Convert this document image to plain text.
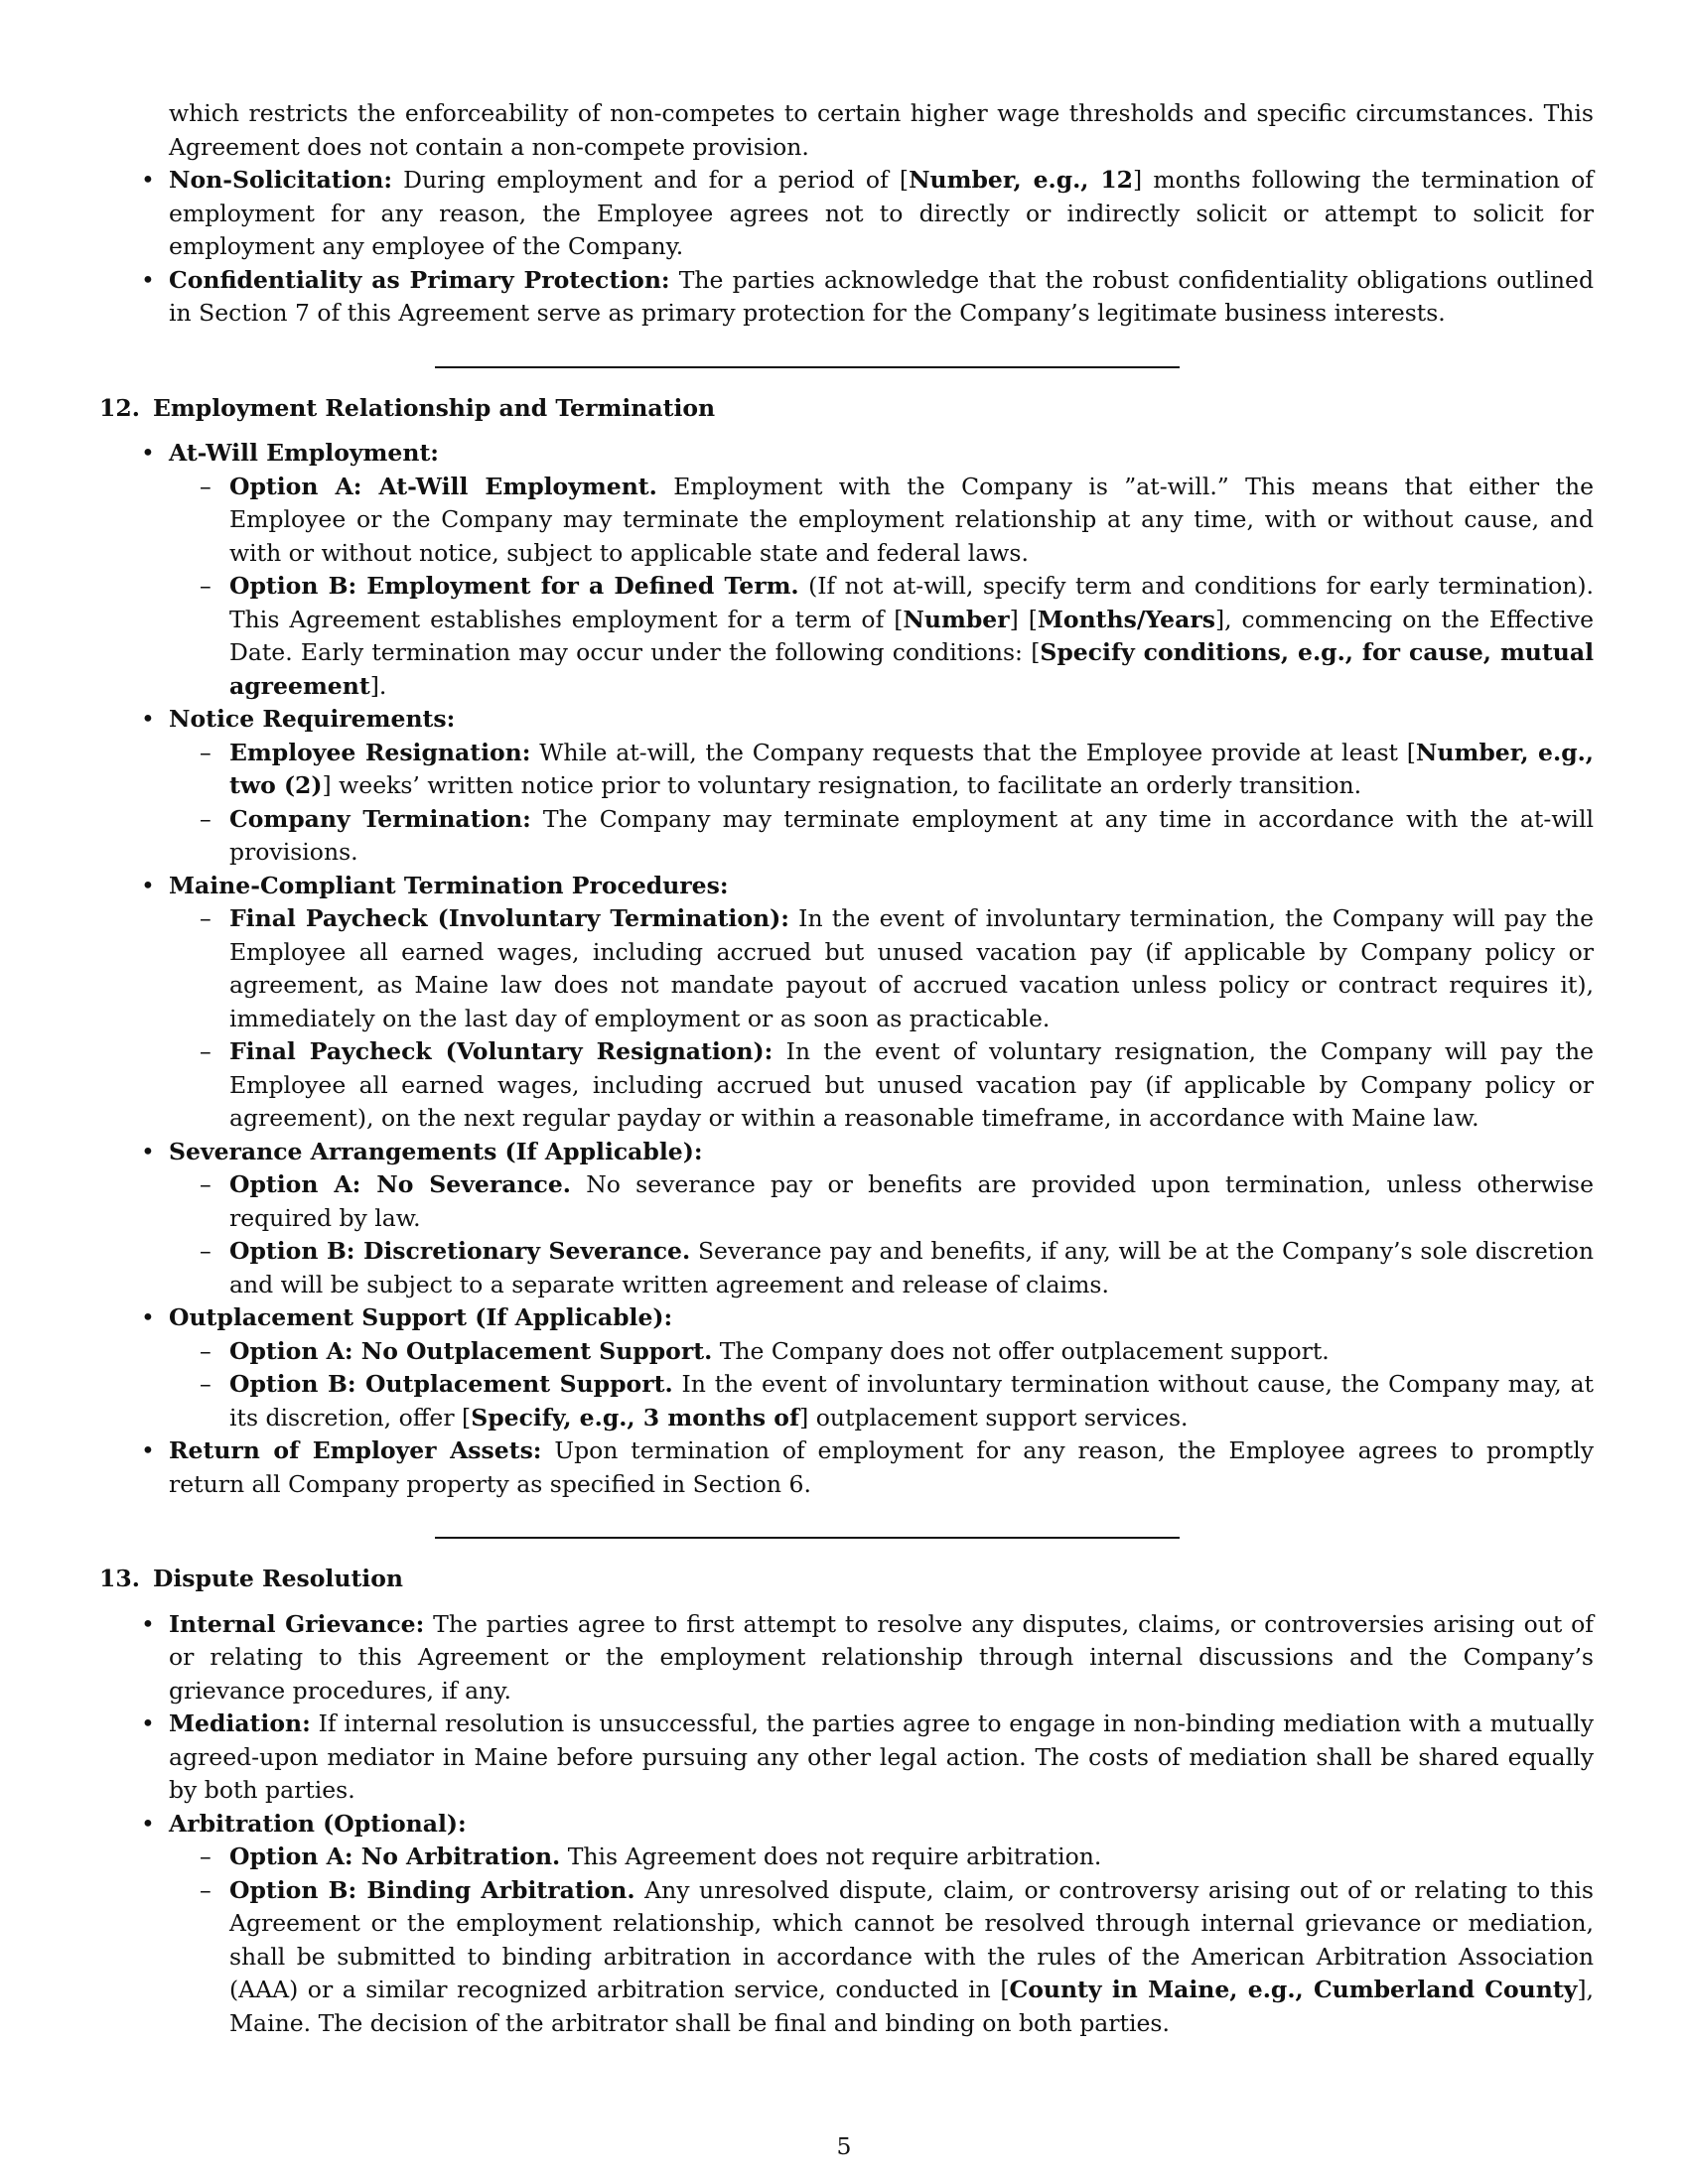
which restricts the enforceability of non-competes to certain higher wage thresholds and specific circumstances. This Agreement does not contain a non-compete provision.

• Non-Solicitation: During employment and for a period of [Number, e.g., 12] months following the termination of employment for any reason, the Employee agrees not to directly or indirectly solicit or attempt to solicit for employment any employee of the Company.
• Confidentiality as Primary Protection: The parties acknowledge that the robust confidentiality obligations outlined in Section 7 of this Agreement serve as primary protection for the Company’s legitimate business interests.
12. Employment Relationship and Termination
• At-Will Employment:
– Option A: At-Will Employment. Employment with the Company is ”at-will.” This means that either the Employee or the Company may terminate the employment relationship at any time, with or without cause, and with or without notice, subject to applicable state and federal laws.
– Option B: Employment for a Defined Term. (If not at-will, specify term and conditions for early termination). This Agreement establishes employment for a term of [Number] [Months/Years], commencing on the Effective Date. Early termination may occur under the following conditions: [Specify conditions, e.g., for cause, mutual agreement].
• Notice Requirements:
– Employee Resignation: While at-will, the Company requests that the Employee provide at least [Number, e.g., two (2)] weeks’ written notice prior to voluntary resignation, to facilitate an orderly transition.
– Company Termination: The Company may terminate employment at any time in accordance with the at-will provisions.
• Maine-Compliant Termination Procedures:
– Final Paycheck (Involuntary Termination): In the event of involuntary termination, the Company will pay the Employee all earned wages, including accrued but unused vacation pay (if applicable by Company policy or agreement, as Maine law does not mandate payout of accrued vacation unless policy or contract requires it), immediately on the last day of employment or as soon as practicable.
– Final Paycheck (Voluntary Resignation): In the event of voluntary resignation, the Company will pay the Employee all earned wages, including accrued but unused vacation pay (if applicable by Company policy or agreement), on the next regular payday or within a reasonable timeframe, in accordance with Maine law.
• Severance Arrangements (If Applicable):
– Option A: No Severance. No severance pay or benefits are provided upon termination, unless otherwise required by law.
– Option B: Discretionary Severance. Severance pay and benefits, if any, will be at the Company’s sole discretion and will be subject to a separate written agreement and release of claims.
• Outplacement Support (If Applicable):
– Option A: No Outplacement Support. The Company does not offer outplacement support.
– Option B: Outplacement Support. In the event of involuntary termination without cause, the Company may, at its discretion, offer [Specify, e.g., 3 months of] outplacement support services.
• Return of Employer Assets: Upon termination of employment for any reason, the Employee agrees to promptly return all Company property as specified in Section 6.
13. Dispute Resolution
• Internal Grievance: The parties agree to first attempt to resolve any disputes, claims, or controversies arising out of or relating to this Agreement or the employment relationship through internal discussions and the Company’s grievance procedures, if any.
• Mediation: If internal resolution is unsuccessful, the parties agree to engage in non-binding mediation with a mutually agreed-upon mediator in Maine before pursuing any other legal action. The costs of mediation shall be shared equally by both parties.
• Arbitration (Optional):
– Option A: No Arbitration. This Agreement does not require arbitration.
– Option B: Binding Arbitration. Any unresolved dispute, claim, or controversy arising out of or relating to this Agreement or the employment relationship, which cannot be resolved through internal grievance or mediation, shall be submitted to binding arbitration in accordance with the rules of the American Arbitration Association (AAA) or a similar recognized arbitration service, conducted in [County in Maine, e.g., Cumberland County], Maine. The decision of the arbitrator shall be final and binding on both parties.
5
